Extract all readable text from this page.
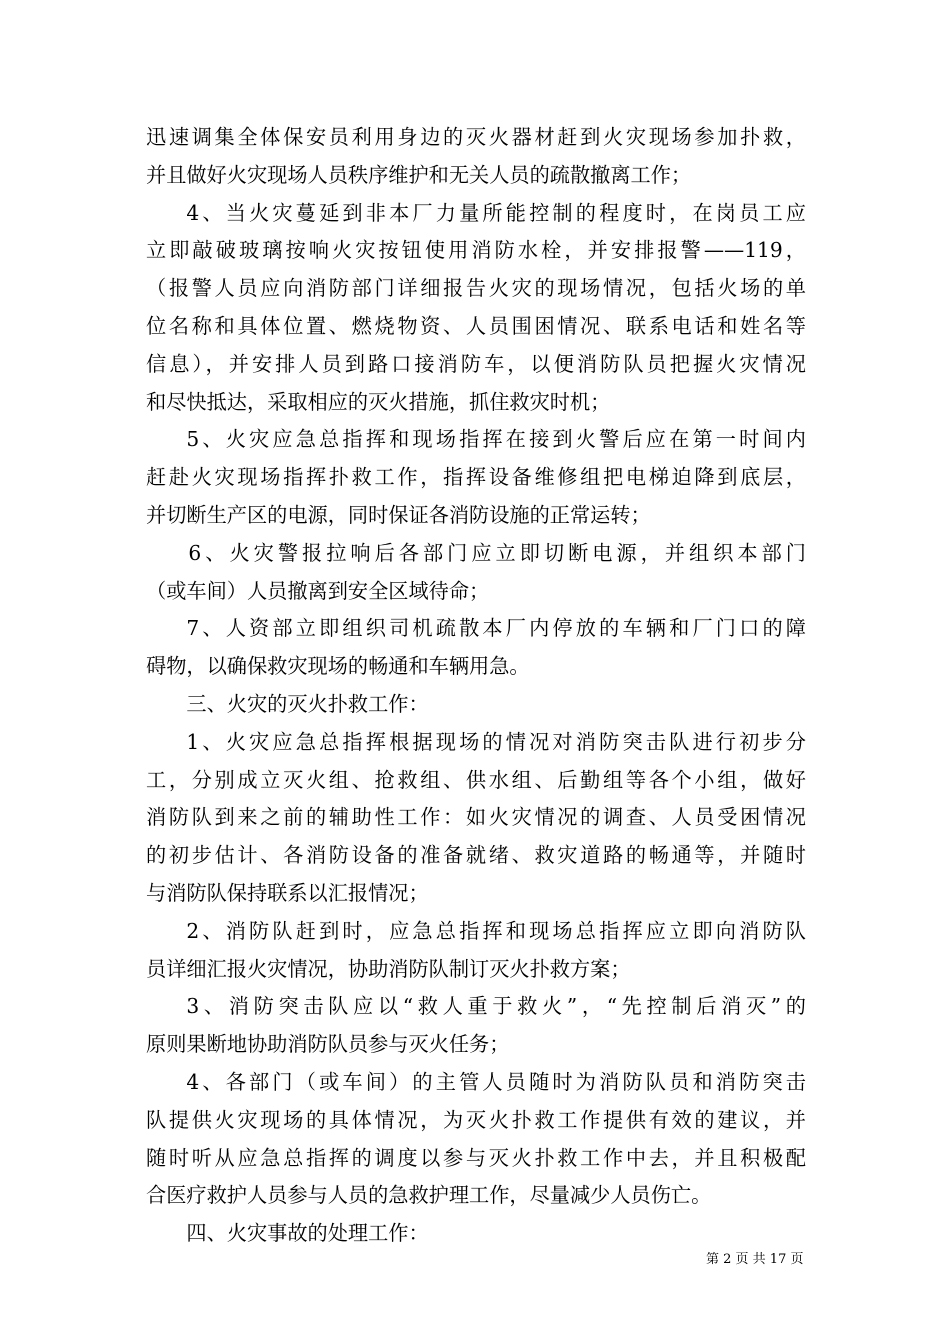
迅速调集全体保安员利用身边的灭火器材赶到火灾现场参加扑救，
并且做好火灾现场人员秩序维护和无关人员的疏散撤离工作；
4、当火灾蔓延到非本厂力量所能控制的程度时，在岗员工应
立即敲破玻璃按响火灾按钮使用消防水栓，并安排报警——119，
（报警人员应向消防部门详细报告火灾的现场情况，包括火场的单
位名称和具体位置、燃烧物资、人员围困情况、联系电话和姓名等
信息），并安排人员到路口接消防车，以便消防队员把握火灾情况
和尽快抵达，采取相应的灭火措施，抓住救灾时机；
5、火灾应急总指挥和现场指挥在接到火警后应在第一时间内
赶赴火灾现场指挥扑救工作，指挥设备维修组把电梯迫降到底层，
并切断生产区的电源，同时保证各消防设施的正常运转；
6、火灾警报拉响后各部门应立即切断电源，并组织本部门
（或车间）人员撤离到安全区域待命；
7、人资部立即组织司机疏散本厂内停放的车辆和厂门口的障
碍物，以确保救灾现场的畅通和车辆用急。
三、火灾的灭火扑救工作：
1、火灾应急总指挥根据现场的情况对消防突击队进行初步分
工，分别成立灭火组、抢救组、供水组、后勤组等各个小组，做好
消防队到来之前的辅助性工作：如火灾情况的调查、人员受困情况
的初步估计、各消防设备的准备就绪、救灾道路的畅通等，并随时
与消防队保持联系以汇报情况；
2、消防队赶到时，应急总指挥和现场总指挥应立即向消防队
员详细汇报火灾情况，协助消防队制订灭火扑救方案；
3、消防突击队应以“救人重于救火”，“先控制后消灭”的
原则果断地协助消防队员参与灭火任务；
4、各部门（或车间）的主管人员随时为消防队员和消防突击
队提供火灾现场的具体情况，为灭火扑救工作提供有效的建议，并
随时听从应急总指挥的调度以参与灭火扑救工作中去，并且积极配
合医疗救护人员参与人员的急救护理工作，尽量减少人员伤亡。
四、火灾事故的处理工作：
第 2 页 共 17 页
